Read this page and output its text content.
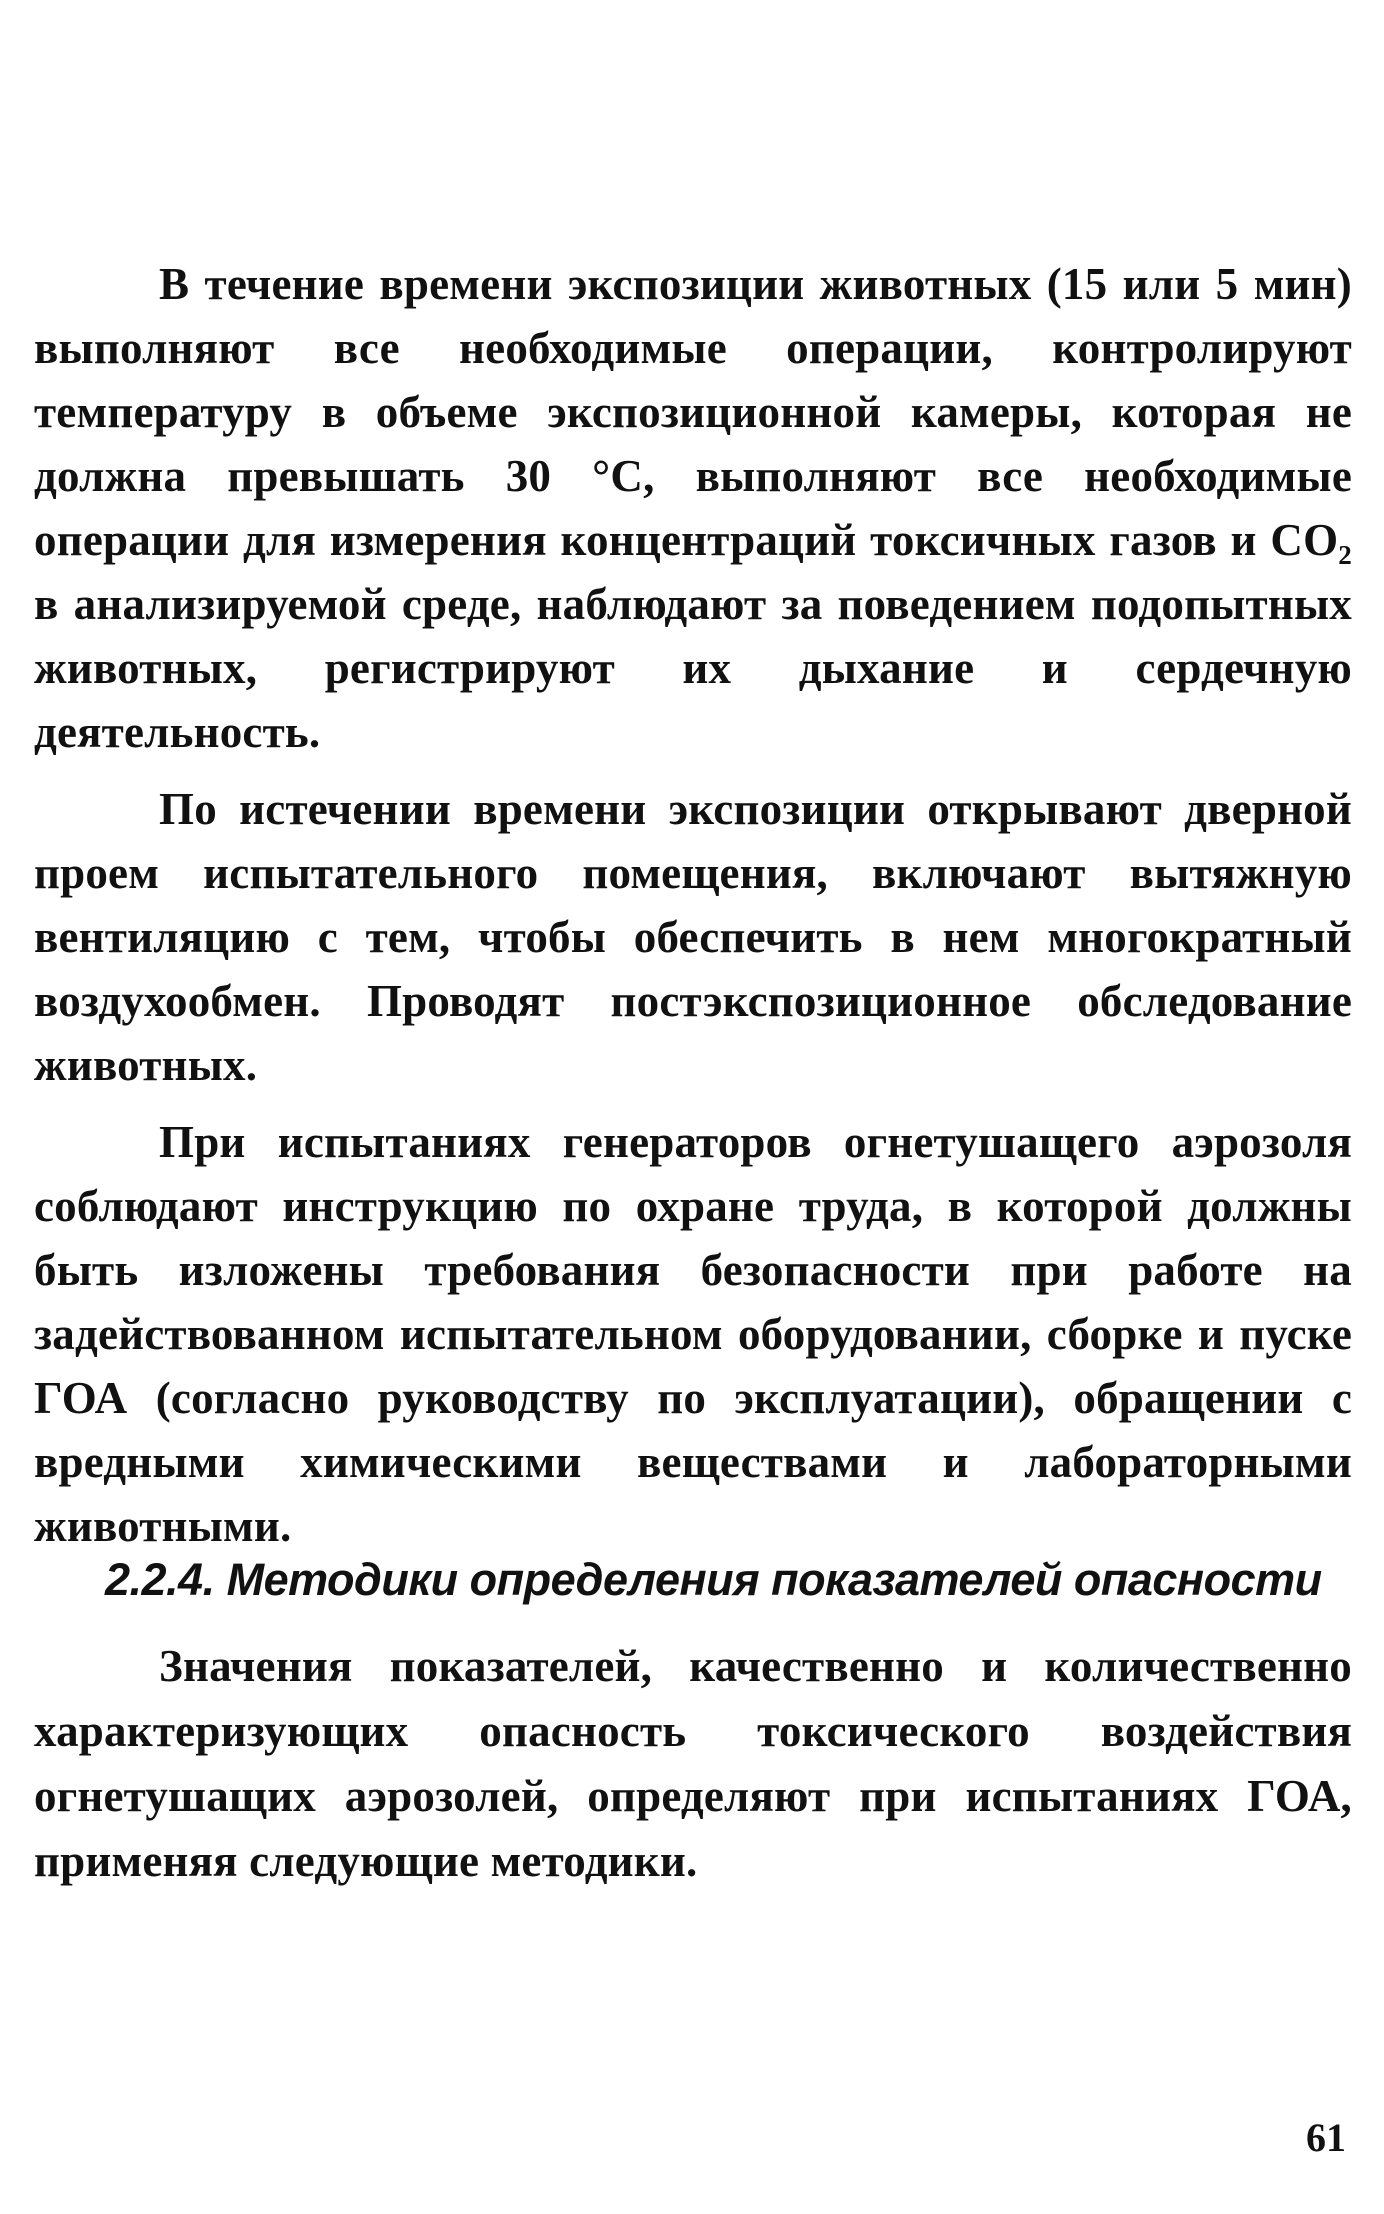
В течение времени экспозиции животных (15 или 5 мин) выполняют все необходимые операции, контролируют температуру в объеме экспозиционной камеры, которая не должна превышать 30 °С, выполняют все необходимые операции для измерения концентраций токсичных газов и CO₂ в анализируемой среде, наблюдают за поведением подопытных животных, регистрируют их дыхание и сердечную деятельность.

По истечении времени экспозиции открывают дверной проем испытательного помещения, включают вытяжную вентиляцию с тем, чтобы обеспечить в нем многократный воздухообмен. Проводят постэкспозиционное обследование животных.

При испытаниях генераторов огнетушащего аэрозоля соблюдают инструкцию по охране труда, в которой должны быть изложены требования безопасности при работе на задействованном испытательном оборудовании, сборке и пуске ГОА (согласно руководству по эксплуатации), обращении с вредными химическими веществами и лабораторными животными.

2.2.4. Методики определения показателей опасности

Значения показателей, качественно и количественно характеризующих опасность токсического воздействия огнетушащих аэрозолей, определяют при испытаниях ГОА, применяя следующие методики.

61
